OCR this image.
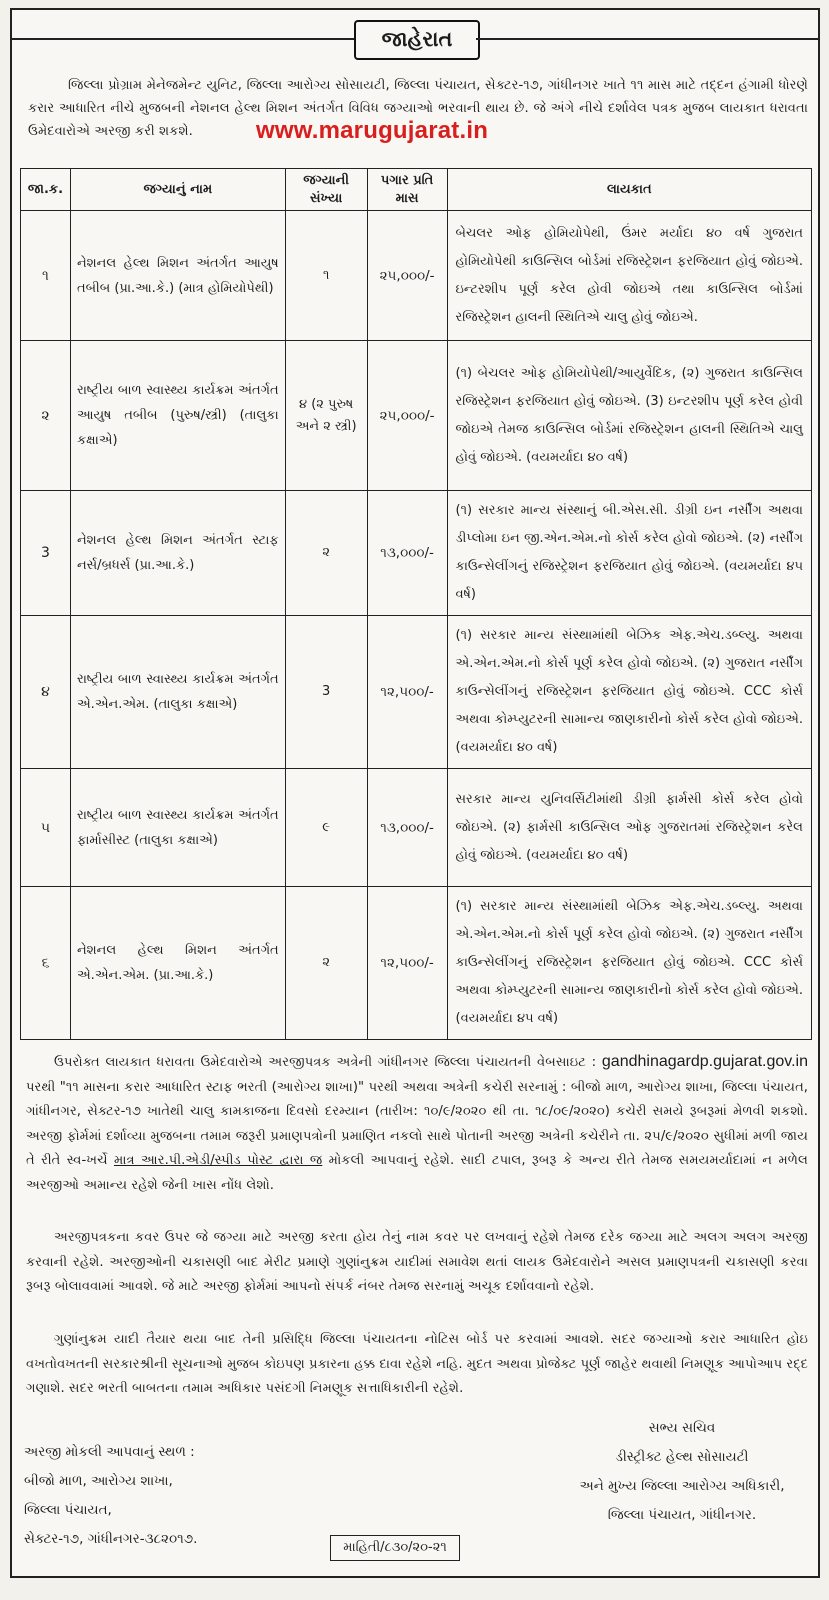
જાહેરાત

જિલ્લા પ્રોગ્રામ મેનેજમેન્ટ યુનિટ, જિલ્લા આરોગ્ય સોસાયટી, જિલ્લા પંચાયત, સેક્ટર-૧૭, ગાંધીનગર ખાતે ૧૧ માસ માટે તદ્દન હંગામી ધોરણે કરાર આધારિત નીચે મુજબની નેશનલ હેલ્થ મિશન અંતર્ગત વિવિધ જગ્યાઓ ભરવાની થાય છે. જે અંગે નીચે દર્શાવેલ પત્રક મુજબ લાયકાત ધરાવતા ઉમેદવારોએ અરજી કરી શકશે.	www.marugujarat.in
જા.ક.	જગ્યાનું નામ	જગ્યાની સંખ્યા	પગાર પ્રતિ માસ	લાયકાત
૧	નેશનલ હેલ્થ મિશન અંતર્ગત આયુષ તબીબ (પ્રા.આ.કે.) (માત્ર હોમિયોપેથી)	૧	૨૫,૦૦૦/-	બેચલર ઓફ હોમિયોપેથી, ઉંમર મર્યાદા ૪૦ વર્ષ ગુજરાત હોમિયોપેથી કાઉન્સિલ બોર્ડમાં રજિસ્ટ્રેશન ફરજિયાત હોવું જોઇએ. ઇન્ટરશીપ પૂર્ણ કરેલ હોવી જોઇએ તથા કાઉન્સિલ બોર્ડમાં રજિસ્ટ્રેશન હાલની સ્થિતિએ ચાલુ હોવું જોઇએ.
૨	રાષ્ટ્રીય બાળ સ્વાસ્થ્ય કાર્યક્રમ અંતર્ગત આયુષ તબીબ (પુરુષ/સ્ત્રી) (તાલુકા કક્ષાએ)	૪ (૨ પુરુષ અને ૨ સ્ત્રી)	૨૫,૦૦૦/-	(૧) બેચલર ઓફ હોમિયોપેથી/આયુર્વેદિક, (૨) ગુજરાત કાઉન્સિલ રજિસ્ટ્રેશન ફરજિયાત હોવું જોઇએ. (3) ઇન્ટરશીપ પૂર્ણ કરેલ હોવી જોઇએ તેમજ કાઉન્સિલ બોર્ડમાં રજિસ્ટ્રેશન હાલની સ્થિતિએ ચાલુ હોવું જોઇએ. (વયમર્યાદા ૪૦ વર્ષ)
3	નેશનલ હેલ્થ મિશન અંતર્ગત સ્ટાફ નર્સ/બ્રધર્સ (પ્રા.આ.કે.)	૨	૧૩,૦૦૦/-	(૧) સરકાર માન્ય સંસ્થાનું બી.એસ.સી. ડીગ્રી ઇન નર્સીંગ અથવા ડીપ્લોમા ઇન જી.એન.એમ.નો કોર્સ કરેલ હોવો જોઇએ. (૨) નર્સીંગ કાઉન્સેલીંગનું રજિસ્ટ્રેશન ફરજિયાત હોવું જોઇએ. (વયમર્યાદા ૪૫ વર્ષ)
૪	રાષ્ટ્રીય બાળ સ્વાસ્થ્ય કાર્યક્રમ અંતર્ગત એ.એન.એમ. (તાલુકા કક્ષાએ)	3	૧૨,૫૦૦/-	(૧) સરકાર માન્ય સંસ્થામાંથી બેઝિક એફ.એચ.ડબ્લ્યુ. અથવા એ.એન.એમ.નો કોર્સ પૂર્ણ કરેલ હોવો જોઇએ. (૨) ગુજરાત નર્સીંગ કાઉન્સેલીંગનું રજિસ્ટ્રેશન ફરજિયાત હોવું જોઇએ. CCC કોર્સ અથવા કોમ્પ્યુટરની સામાન્ય જાણકારીનો કોર્સ કરેલ હોવો જોઇએ. (વયમર્યાદા ૪૦ વર્ષ)
૫	રાષ્ટ્રીય બાળ સ્વાસ્થ્ય કાર્યક્રમ અંતર્ગત ફાર્માસીસ્ટ (તાલુકા કક્ષાએ)	૯	૧૩,૦૦૦/-	સરકાર માન્ય યુનિવર્સિટીમાંથી ડીગ્રી ફાર્મસી કોર્સ કરેલ હોવો જોઇએ. (૨) ફાર્મસી કાઉન્સિલ ઓફ ગુજરાતમાં રજિસ્ટ્રેશન કરેલ હોવું જોઇએ. (વયમર્યાદા ૪૦ વર્ષ)
૬	નેશનલ હેલ્થ મિશન અંતર્ગત એ.એન.એમ. (પ્રા.આ.કે.)	૨	૧૨,૫૦૦/-	(૧) સરકાર માન્ય સંસ્થામાંથી બેઝિક એફ.એચ.ડબ્લ્યુ. અથવા એ.એન.એમ.નો કોર્સ પૂર્ણ કરેલ હોવો જોઇએ. (૨) ગુજરાત નર્સીંગ કાઉન્સેલીંગનું રજિસ્ટ્રેશન ફરજિયાત હોવું જોઇએ. CCC કોર્સ અથવા કોમ્પ્યુટરની સામાન્ય જાણકારીનો કોર્સ કરેલ હોવો જોઇએ. (વયમર્યાદા ૪૫ વર્ષ)

ઉપરોક્ત લાયકાત ધરાવતા ઉમેદવારોએ અરજીપત્રક અત્રેની ગાંધીનગર જિલ્લા પંચાયતની વેબસાઇટ : gandhinagardp.gujarat.gov.in પરથી "૧૧ માસના કરાર આધારિત સ્ટાફ ભરતી (આરોગ્ય શાખા)" પરથી અથવા અત્રેની કચેરી સરનામું : બીજો માળ, આરોગ્ય શાખા, જિલ્લા પંચાયત, ગાંધીનગર, સેક્ટર-૧૭ ખાતેથી ચાલુ કામકાજના દિવસો દરમ્યાન (તારીખ: ૧૦/૯/૨૦૨૦ થી તા. ૧૮/૦૯/૨૦૨૦) કચેરી સમયે રૂબરૂમાં મેળવી શકશો. અરજી ફોર્મમાં દર્શાવ્યા મુજબના તમામ જરૂરી પ્રમાણપત્રોની પ્રમાણિત નકલો સાથે પોતાની અરજી અત્રેની કચેરીને તા. ૨૫/૯/૨૦૨૦ સુધીમાં મળી જાય તે રીતે સ્વ-ખર્ચે માત્ર આર.પી.એડી/સ્પીડ પોસ્ટ દ્વારા જ મોકલી આપવાનું રહેશે. સાદી ટપાલ, રૂબરૂ કે અન્ય રીતે તેમજ સમયમર્યાદામાં ન મળેલ અરજીઓ અમાન્ય રહેશે જેની ખાસ નોંધ લેશો.

અરજીપત્રકના કવર ઉપર જે જગ્યા માટે અરજી કરતા હોય તેનું નામ કવર પર લખવાનું રહેશે તેમજ દરેક જગ્યા માટે અલગ અલગ અરજી કરવાની રહેશે. અરજીઓની ચકાસણી બાદ મેરીટ પ્રમાણે ગુણાંનુક્રમ યાદીમાં સમાવેશ થતાં લાયક ઉમેદવારોને અસલ પ્રમાણપત્રની ચકાસણી કરવા રૂબરૂ બોલાવવામાં આવશે. જે માટે અરજી ફોર્મમાં આપનો સંપર્ક નંબર તેમજ સરનામું અચૂક દર્શાવવાનો રહેશે.

ગુણાંનુક્રમ યાદી તૈયાર થયા બાદ તેની પ્રસિદ્ધિ જિલ્લા પંચાયતના નોટિસ બોર્ડ પર કરવામાં આવશે. સદર જગ્યાઓ કરાર આધારિત હોઇ વખતોવખતની સરકારશ્રીની સૂચનાઓ મુજબ કોઇપણ પ્રકારના હક્ક દાવા રહેશે નહિ. મુદત અથવા પ્રોજેક્ટ પૂર્ણ જાહેર થવાથી નિમણૂક આપોઆપ રદ્દ ગણાશે. સદર ભરતી બાબતના તમામ અધિકાર પસંદગી નિમણૂક સત્તાધિકારીની રહેશે.

અરજી મોકલી આપવાનું સ્થળ :
બીજો માળ, આરોગ્ય શાખા,
જિલ્લા પંચાયત,
સેક્ટર-૧૭, ગાંધીનગર-૩૮૨૦૧૭.
સભ્ય સચિવ
ડીસ્ટ્રીક્ટ હેલ્થ સોસાયટી
અને મુખ્ય જિલ્લા આરોગ્ય અધિકારી,
જિલ્લા પંચાયત, ગાંધીનગર.
માહિતી/૮૩૦/૨૦-૨૧
